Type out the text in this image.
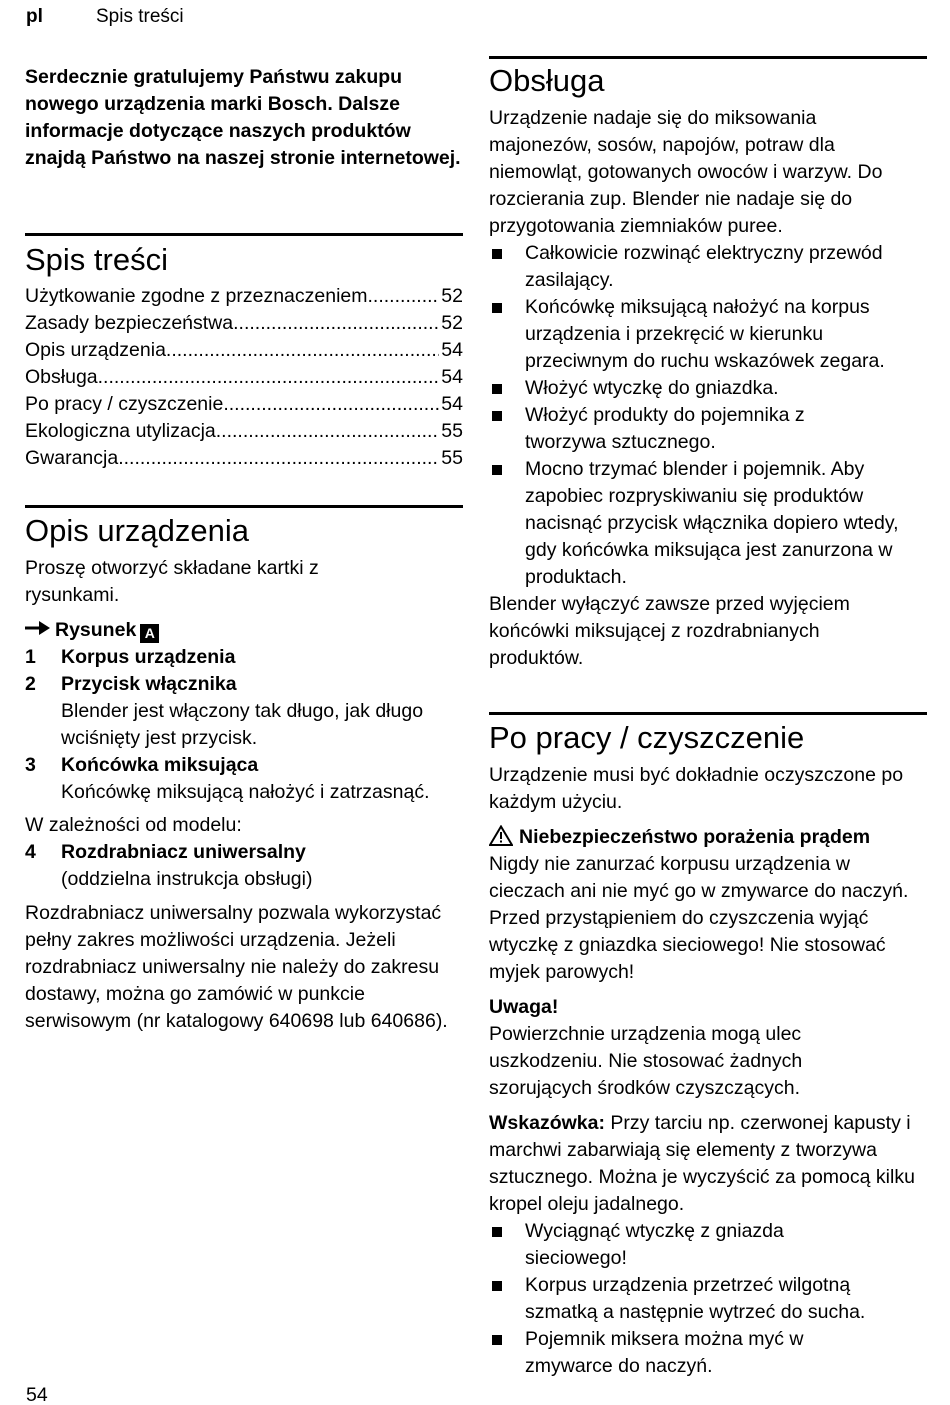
pl	Spis treści

Serdecznie gratulujemy Państwu zakupu nowego urządzenia marki Bosch. Dalsze informacje dotyczące naszych produktów znajdą Państwo na naszej stronie internetowej.

Spis treści
Użytkowanie zgodne z przeznaczeniem .....	52
Zasady bezpieczeństwa .....	52
Opis urządzenia .....	54
Obsługa .....	54
Po pracy / czyszczenie .....	54
Ekologiczna utylizacja .....	55
Gwarancja .....	55
Opis urządzenia

Proszę otworzyć składane kartki z rysunkami.

Rysunek A
1	Korpus urządzenia
2	Przycisk włącznika

Blender jest włączony tak długo, jak długo wciśnięty jest przycisk.

3	Końcówka miksująca

Końcówkę miksującą nałożyć i zatrzasnąć.

W zależności od modelu:

4	Rozdrabniacz uniwersalny

(oddzielna instrukcja obsługi)

Rozdrabniacz uniwersalny pozwala wykorzystać pełny zakres możliwości urządzenia. Jeżeli rozdrabniacz uniwersalny nie należy do zakresu dostawy, można go zamówić w punkcie serwisowym (nr katalogowy 640698 lub 640686).

54
Obsługa

Urządzenie nadaje się do miksowania majonezów, sosów, napojów, potraw dla niemowląt, gotowanych owoców i warzyw. Do rozcierania zup. Blender nie nadaje się do przygotowania ziemniaków puree.

Całkowicie rozwinąć elektryczny przewód zasilający.
Końcówkę miksującą nałożyć na korpus urządzenia i przekręcić w kierunku przeciwnym do ruchu wskazówek zegara.
Włożyć wtyczkę do gniazdka.
Włożyć produkty do pojemnika z tworzywa sztucznego.
Mocno trzymać blender i pojemnik. Aby zapobiec rozpryskiwaniu się produktów nacisnąć przycisk włącznika dopiero wtedy, gdy końcówka miksująca jest zanurzona w produktach.

Blender wyłączyć zawsze przed wyjęciem końcówki miksującej z rozdrabnianych produktów.

Po pracy / czyszczenie

Urządzenie musi być dokładnie oczyszczone po każdym użyciu.

Niebezpieczeństwo porażenia prądem

Nigdy nie zanurzać korpusu urządzenia w cieczach ani nie myć go w zmywarce do naczyń. Przed przystąpieniem do czyszczenia wyjąć wtyczkę z gniazdka sieciowego! Nie stosować myjek parowych!

Uwaga!

Powierzchnie urządzenia mogą ulec uszkodzeniu. Nie stosować żadnych szorujących środków czyszczących.

Wskazówka: Przy tarciu np. czerwonej kapusty i marchwi zabarwiają się elementy z tworzywa sztucznego. Można je wyczyścić za pomocą kilku kropel oleju jadalnego.

Wyciągnąć wtyczkę z gniazda sieciowego!
Korpus urządzenia przetrzeć wilgotną szmatką a następnie wytrzeć do sucha.
Pojemnik miksera można myć w zmywarce do naczyń.
